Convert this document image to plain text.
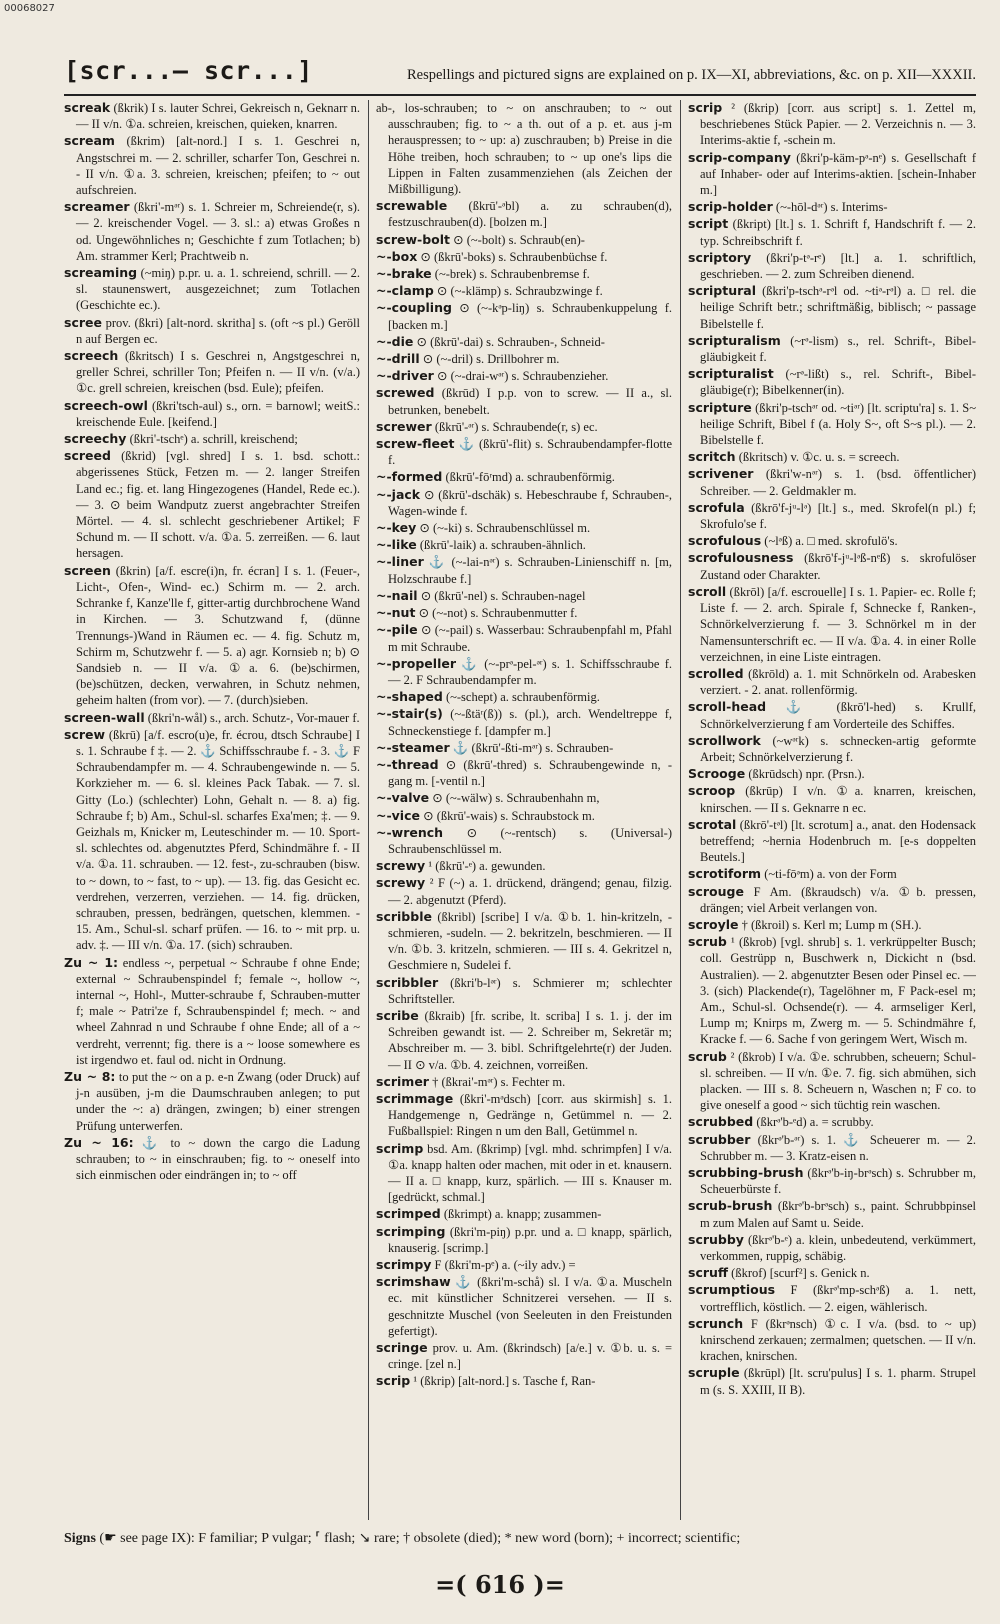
00068027
[scr...— scr...]	Respellings and pictured signs are explained on p. IX—XI, abbreviations, &c. on p. XII—XXXII.
screak (ßkrik) I s. lauter Schrei, Gekreisch n, Geknarr n. — II v/n. ①a. schreien, kreischen, quieken, knarren.
scream (ßkrim) [alt-nord.] I s. 1. Geschrei n, Angstschrei m. — 2. schriller, scharfer Ton, Geschrei n. - II v/n. ①a. 3. schreien, kreischen; pfeifen; to ~ out aufschreien.
screamer (ßkri'-mᵊʳ) s. 1. Schreier m, Schreiende(r, s). — 2. kreischender Vogel. — 3. sl.: a) etwas Großes n od. Ungewöhnliches n; Geschichte f zum Totlachen; b) Am. strammer Kerl; Prachtweib n.
screaming (~miŋ) p.pr. u. a. 1. schreiend, schrill. — 2. sl. staunenswert, ausgezeichnet; zum Totlachen (Geschichte ec.).
scree prov. (ßkri) [alt-nord. skritha] s. (oft ~s pl.) Geröll n auf Bergen ec.
screech (ßkritsch) I s. Geschrei n, Angstgeschrei n, greller Schrei, schriller Ton; Pfeifen n. — II v/n. (v/a.) ①c. grell schreien, kreischen (bsd. Eule); pfeifen.
screech-owl (ßkri'tsch-aul) s., orn. = barnowl; weitS.: kreischende Eule. [keifend.]
screechy (ßkri'-tschᵉ) a. schrill, kreischend;
screed (ßkrid) [vgl. shred] I s. 1. bsd. schott.: abgerissenes Stück, Fetzen m. — 2. langer Streifen Land ec.; fig. et. lang Hingezogenes (Handel, Rede ec.). — 3. ⊙ beim Wandputz zuerst angebrachter Streifen Mörtel. — 4. sl. schlecht geschriebener Artikel; F Schund m. — II schott. v/a. ①a. 5. zerreißen. — 6. laut hersagen.
screen (ßkrin) [a/f. escre(i)n, fr. écran] I s. 1. (Feuer-, Licht-, Ofen-, Wind- ec.) Schirm m. — 2. arch. Schranke f, Kanze'lle f, gitter-artig durchbrochene Wand in Kirchen. — 3. Schutzwand f, (dünne Trennungs-)Wand in Räumen ec. — 4. fig. Schutz m, Schirm m, Schutzwehr f. — 5. a) agr. Kornsieb n; b) ⊙ Sandsieb n. — II v/a. ①a. 6. (be)schirmen, (be)schützen, decken, verwahren, in Schutz nehmen, geheim halten (from vor). — 7. (durch)sieben.
screen-wall (ßkri'n-wål) s., arch. Schutz-, Vor-mauer f.
screw (ßkrū) [a/f. escro(u)e, fr. écrou, dtsch Schraube] I s. 1. Schraube f ‡. — 2. ⚓ Schiffsschraube f. - 3. ⚓ F Schraubendampfer m. — 4. Schraubengewinde n. — 5. Korkzieher m. — 6. sl. kleines Pack Tabak. — 7. sl. Gitty (Lo.) (schlechter) Lohn, Gehalt n. — 8. a) fig. Schraube f; b) Am., Schul-sl. scharfes Exa'men; ‡. — 9. Geizhals m, Knicker m, Leuteschinder m. — 10. Sport-sl. schlechtes od. abgenutztes Pferd, Schindmähre f. - II v/a. ①a. 11. schrauben. — 12. fest-, zu-schrauben (bisw. to ~ down, to ~ fast, to ~ up). — 13. fig. das Gesicht ec. verdrehen, verzerren, verziehen. — 14. fig. drücken, schrauben, pressen, bedrängen, quetschen, klemmen. - 15. Am., Schul-sl. scharf prüfen. — 16. to ~ mit prp. u. adv. ‡. — III v/n. ①a. 17. (sich) schrauben.
Zu ~ 1: endless ~, perpetual ~ Schraube f ohne Ende; external ~ Schraubenspindel f; female ~, hollow ~, internal ~, Hohl-, Mutter-schraube f, Schrauben-mutter f; male ~ Patri'ze f, Schraubenspindel f; mech. ~ and wheel Zahnrad n und Schraube f ohne Ende; all of a ~ verdreht, verrennt; fig. there is a ~ loose somewhere es ist irgendwo et. faul od. nicht in Ordnung.
Zu ~ 8: to put the ~ on a p. e-n Zwang (oder Druck) auf j-n ausüben, j-m die Daumschrauben anlegen; to put under the ~: a) drängen, zwingen; b) einer strengen Prüfung unterwerfen.
Zu ~ 16: ⚓ to ~ down the cargo die Ladung schrauben; to ~ in einschrauben; fig. to ~ oneself into sich einmischen oder eindrängen in; to ~ off
ab-, los-schrauben; to ~ on anschrauben; to ~ out ausschrauben; fig. to ~ a th. out of a p. et. aus j-m herauspressen; to ~ up: a) zuschrauben; b) Preise in die Höhe treiben, hoch schrauben; to ~ up one's lips die Lippen in Falten zusammenziehen (als Zeichen der Mißbilligung).
screwable (ßkrū'-ᵊbl) a. zu schrauben(d), festzuschrauben(d). [bolzen m.]
screw-bolt ⊙ (~-bolt) s. Schraub(en)-
~-box ⊙ (ßkrū'-boks) s. Schraubenbüchse f.
~-brake (~-brek) s. Schraubenbremse f.
~-clamp ⊙ (~-klämp) s. Schraubzwinge f.
~-coupling ⊙ (~-kᵊp-liŋ) s. Schraubenkuppelung f. [backen m.]
~-die ⊙ (ßkrū'-dai) s. Schrauben-, Schneid-
~-drill ⊙ (~-dril) s. Drillbohrer m.
~-driver ⊙ (~-drai-wᵊʳ) s. Schraubenzieher.
screwed (ßkrūd) I p.p. von to screw. — II a., sl. betrunken, benebelt.
screwer (ßkrū'-ᵊʳ) s. Schraubende(r, s) ec.
screw-fleet ⚓ (ßkrū'-flit) s. Schraubendampfer-flotte f.
~-formed (ßkrū'-fōʳmd) a. schraubenförmig.
~-jack ⊙ (ßkrū'-dschäk) s. Hebeschraube f, Schrauben-, Wagen-winde f.
~-key ⊙ (~-ki) s. Schraubenschlüssel m.
~-like (ßkrū'-laik) a. schrauben-ähnlich.
~-liner ⚓ (~-lai-nᵊʳ) s. Schrauben-Linienschiff n. [m, Holzschraube f.]
~-nail ⊙ (ßkrū'-nel) s. Schrauben-nagel
~-nut ⊙ (~-not) s. Schraubenmutter f.
~-pile ⊙ (~-pail) s. Wasserbau: Schraubenpfahl m, Pfahl m mit Schraube.
~-propeller ⚓ (~-prᵊ-pel-ᵊʳ) s. 1. Schiffsschraube f. — 2. F Schraubendampfer m.
~-shaped (~-schept) a. schraubenförmig.
~-stair(s) (~-ßtäʳ(ß)) s. (pl.), arch. Wendeltreppe f, Schneckenstiege f. [dampfer m.]
~-steamer ⚓ (ßkrū'-ßti-mᵊʳ) s. Schrauben-
~-thread ⊙ (ßkrū'-thred) s. Schraubengewinde n, -gang m. [-ventil n.]
~-valve ⊙ (~-wälw) s. Schraubenhahn m,
~-vice ⊙ (ßkrū'-wais) s. Schraubstock m.
~-wrench ⊙ (~-rentsch) s. (Universal-) Schraubenschlüssel m.
screwy ¹ (ßkrū'-ᵉ) a. gewunden.
screwy ² F (~) a. 1. drückend, drängend; genau, filzig. — 2. abgenutzt (Pferd).
scribble (ßkribl) [scribe] I v/a. ①b. 1. hin-kritzeln, -schmieren, -sudeln. — 2. bekritzeln, beschmieren. — II v/n. ①b. 3. kritzeln, schmieren. — III s. 4. Gekritzel n, Geschmiere n, Sudelei f.
scribbler (ßkri'b-lᵊʳ) s. Schmierer m; schlechter Schriftsteller.
scribe (ßkraib) [fr. scribe, lt. scriba] I s. 1. j. der im Schreiben gewandt ist. — 2. Schreiber m, Sekretär m; Abschreiber m. — 3. bibl. Schriftgelehrte(r) der Juden. — II ⊙ v/a. ①b. 4. zeichnen, vorreißen.
scrimer † (ßkrai'-mᵊʳ) s. Fechter m.
scrimmage (ßkri'-mᵊdsch) [corr. aus skirmish] s. 1. Handgemenge n, Gedränge n, Getümmel n. — 2. Fußballspiel: Ringen n um den Ball, Getümmel n.
scrimp bsd. Am. (ßkrimp) [vgl. mhd. schrimpfen] I v/a. ①a. knapp halten oder machen, mit oder in et. knausern. — II a. □ knapp, kurz, spärlich. — III s. Knauser m. [gedrückt, schmal.]
scrimped (ßkrimpt) a. knapp; zusammen-
scrimping (ßkri'm-piŋ) p.pr. und a. □ knapp, spärlich, knauserig. [scrimp.]
scrimpy F (ßkri'm-pᵉ) a. (~ily adv.) =
scrimshaw ⚓ (ßkri'm-schå) sl. I v/a. ①a. Muscheln ec. mit künstlicher Schnitzerei versehen. — II s. geschnitzte Muschel (von Seeleuten in den Freistunden gefertigt).
scringe prov. u. Am. (ßkrindsch) [a/e.] v. ①b. u. s. = cringe. [zel n.]
scrip ¹ (ßkrip) [alt-nord.] s. Tasche f, Ran-
scrip ² (ßkrip) [corr. aus script] s. 1. Zettel m, beschriebenes Stück Papier. — 2. Verzeichnis n. — 3. Interims-aktie f, -schein m.
scrip-company (ßkri'p-käm-pᵊ-nᵉ) s. Gesellschaft f auf Inhaber- oder auf Interims-aktien. [schein-Inhaber m.]
scrip-holder (~-hōl-dᵊʳ) s. Interims-
script (ßkript) [lt.] s. 1. Schrift f, Handschrift f. — 2. typ. Schreibschrift f.
scriptory (ßkri'p-tᵊ-rᵉ) [lt.] a. 1. schriftlich, geschrieben. — 2. zum Schreiben dienend.
scriptural (ßkri'p-tschᵊ-rᵊl od. ~tiᵊ-rᵊl) a. □ rel. die heilige Schrift betr.; schriftmäßig, biblisch; ~ passage Bibelstelle f.
scripturalism (~rᵊ-lism) s., rel. Schrift-, Bibel-gläubigkeit f.
scripturalist (~rᵊ-lißt) s., rel. Schrift-, Bibel-gläubige(r); Bibelkenner(in).
scripture (ßkri'p-tschᵊʳ od. ~tiᵊʳ) [lt. scriptu'ra] s. 1. S~ heilige Schrift, Bibel f (a. Holy S~, oft S~s pl.). — 2. Bibelstelle f.
scritch (ßkritsch) v. ①c. u. s. = screech.
scrivener (ßkri'w-nᵊʳ) s. 1. (bsd. öffentlicher) Schreiber. — 2. Geldmakler m.
scrofula (ßkrō'f-jᵘ-lᵊ) [lt.] s., med. Skrofel(n pl.) f; Skrofulo'se f.
scrofulous (~lᵊß) a. □ med. skrofulö's.
scrofulousness (ßkrō'f-jᵘ-lᵊß-nᵉß) s. skrofulöser Zustand oder Charakter.
scroll (ßkrōl) [a/f. escrouelle] I s. 1. Papier- ec. Rolle f; Liste f. — 2. arch. Spirale f, Schnecke f, Ranken-, Schnörkelverzierung f. — 3. Schnörkel m in der Namensunterschrift ec. — II v/a. ①a. 4. in einer Rolle verzeichnen, in eine Liste eintragen.
scrolled (ßkrōld) a. 1. mit Schnörkeln od. Arabesken verziert. - 2. anat. rollenförmig.
scroll-head ⚓ (ßkrō'l-hed) s. Krullf, Schnörkelverzierung f am Vorderteile des Schiffes.
scrollwork (~wᵊʳk) s. schnecken-artig geformte Arbeit; Schnörkelverzierung f.
Scrooge (ßkrūdsch) npr. (Prsn.).
scroop (ßkrūp) I v/n. ①a. knarren, kreischen, knirschen. — II s. Geknarre n ec.
scrotal (ßkrō'-tᵊl) [lt. scrotum] a., anat. den Hodensack betreffend; ~hernia Hodenbruch m. [e-s doppelten Beutels.]
scrotiform (~ti-fōᵊm) a. von der Form
scrouge F Am. (ßkraudsch) v/a. ①b. pressen, drängen; viel Arbeit verlangen von.
scroyle † (ßkroil) s. Kerl m; Lump m (SH.).
scrub ¹ (ßkrob) [vgl. shrub] s. 1. verkrüppelter Busch; coll. Gestrüpp n, Buschwerk n, Dickicht n (bsd. Australien). — 2. abgenutzter Besen oder Pinsel ec. — 3. (sich) Plackende(r), Tagelöhner m, F Pack-esel m; Am., Schul-sl. Ochsende(r). — 4. armseliger Kerl, Lump m; Knirps m, Zwerg m. — 5. Schindmähre f, Kracke f. — 6. Sache f von geringem Wert, Wisch m.
scrub ² (ßkrob) I v/a. ①e. schrubben, scheuern; Schul-sl. schreiben. — II v/n. ①e. 7. fig. sich abmühen, sich placken. — III s. 8. Scheuern n, Waschen n; F co. to give oneself a good ~ sich tüchtig rein waschen.
scrubbed (ßkrᵊ'b-ᵉd) a. = scrubby.
scrubber (ßkrᵊ'b-ᵊʳ) s. 1. ⚓ Scheuerer m. — 2. Schrubber m. — 3. Kratz-eisen n.
scrubbing-brush (ßkrᵊ'b-iŋ-brᵊsch) s. Schrubber m, Scheuerbürste f.
scrub-brush (ßkrᵊ'b-brᵊsch) s., paint. Schrubbpinsel m zum Malen auf Samt u. Seide.
scrubby (ßkrᵊ'b-ᵉ) a. klein, unbedeutend, verkümmert, verkommen, ruppig, schäbig.
scruff (ßkrof) [scurf²] s. Genick n.
scrumptious F (ßkrᵊ'mp-schᵊß) a. 1. nett, vortrefflich, köstlich. — 2. eigen, wählerisch.
scrunch F (ßkrᵊnsch) ①c. I v/a. (bsd. to ~ up) knirschend zerkauen; zermalmen; quetschen. — II v/n. krachen, knirschen.
scruple (ßkrūpl) [lt. scru'pulus] I s. 1. pharm. Strupel m (s. S. XXIII, II B).
Signs (☛ see page IX): F familiar; P vulgar; ⸢ flash; ↘ rare; † obsolete (died); * new word (born); + incorrect; scientific;
=( 616 )=
